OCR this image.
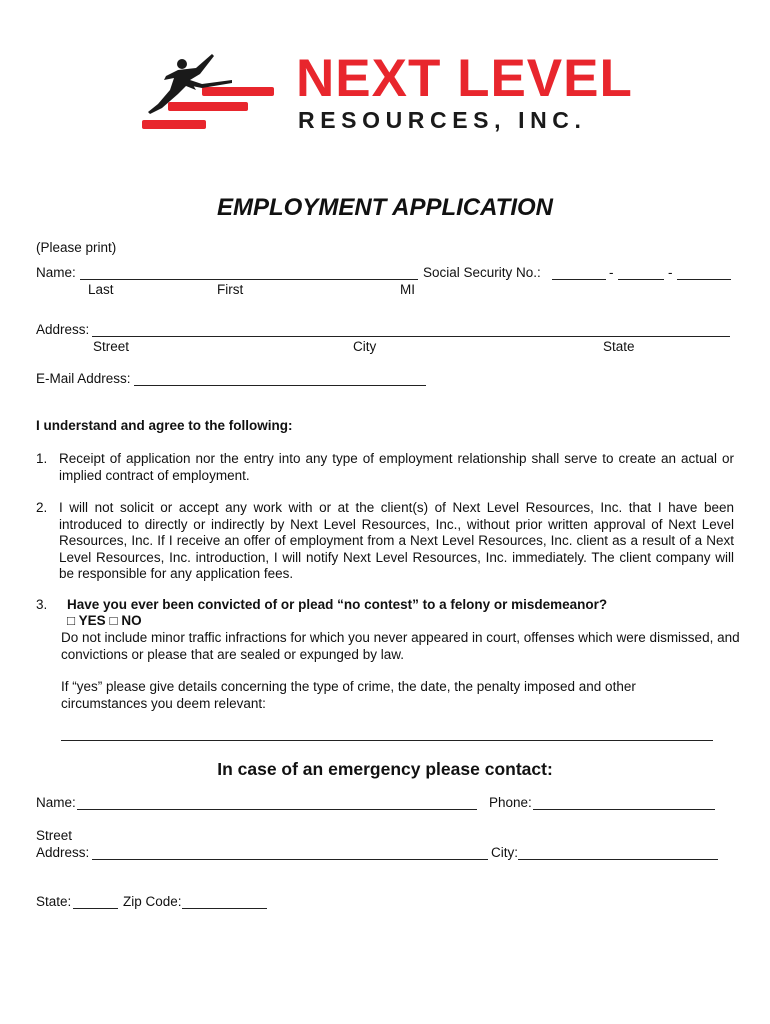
NEXT LEVEL
RESOURCES, INC.
EMPLOYMENT APPLICATION
(Please print)
Name:	Social Security No.:	-	-
Last	First	MI
Address:
Street	City	State
E-Mail Address:
I understand and agree to the following:
1. Receipt of application nor the entry into any type of employment relationship shall serve to create an actual or implied contract of employment.
2. I will not solicit or accept any work with or at the client(s) of Next Level Resources, Inc. that I have been introduced to directly or indirectly by Next Level Resources, Inc., without prior written approval of Next Level Resources, Inc. If I receive an offer of employment from a Next Level Resources, Inc. client as a result of a Next Level Resources, Inc. introduction, I will notify Next Level Resources, Inc. immediately. The client company will be responsible for any application fees.
3. Have you ever been convicted of or plead “no contest” to a felony or misdemeanor?
□ YES □ NO
Do not include minor traffic infractions for which you never appeared in court, offenses which were dismissed, and convictions or please that are sealed or expunged by law.
If “yes” please give details concerning the type of crime, the date, the penalty imposed and other circumstances you deem relevant:
In case of an emergency please contact:
Name:	Phone:
Street
Address:	City:
State:	Zip Code:
